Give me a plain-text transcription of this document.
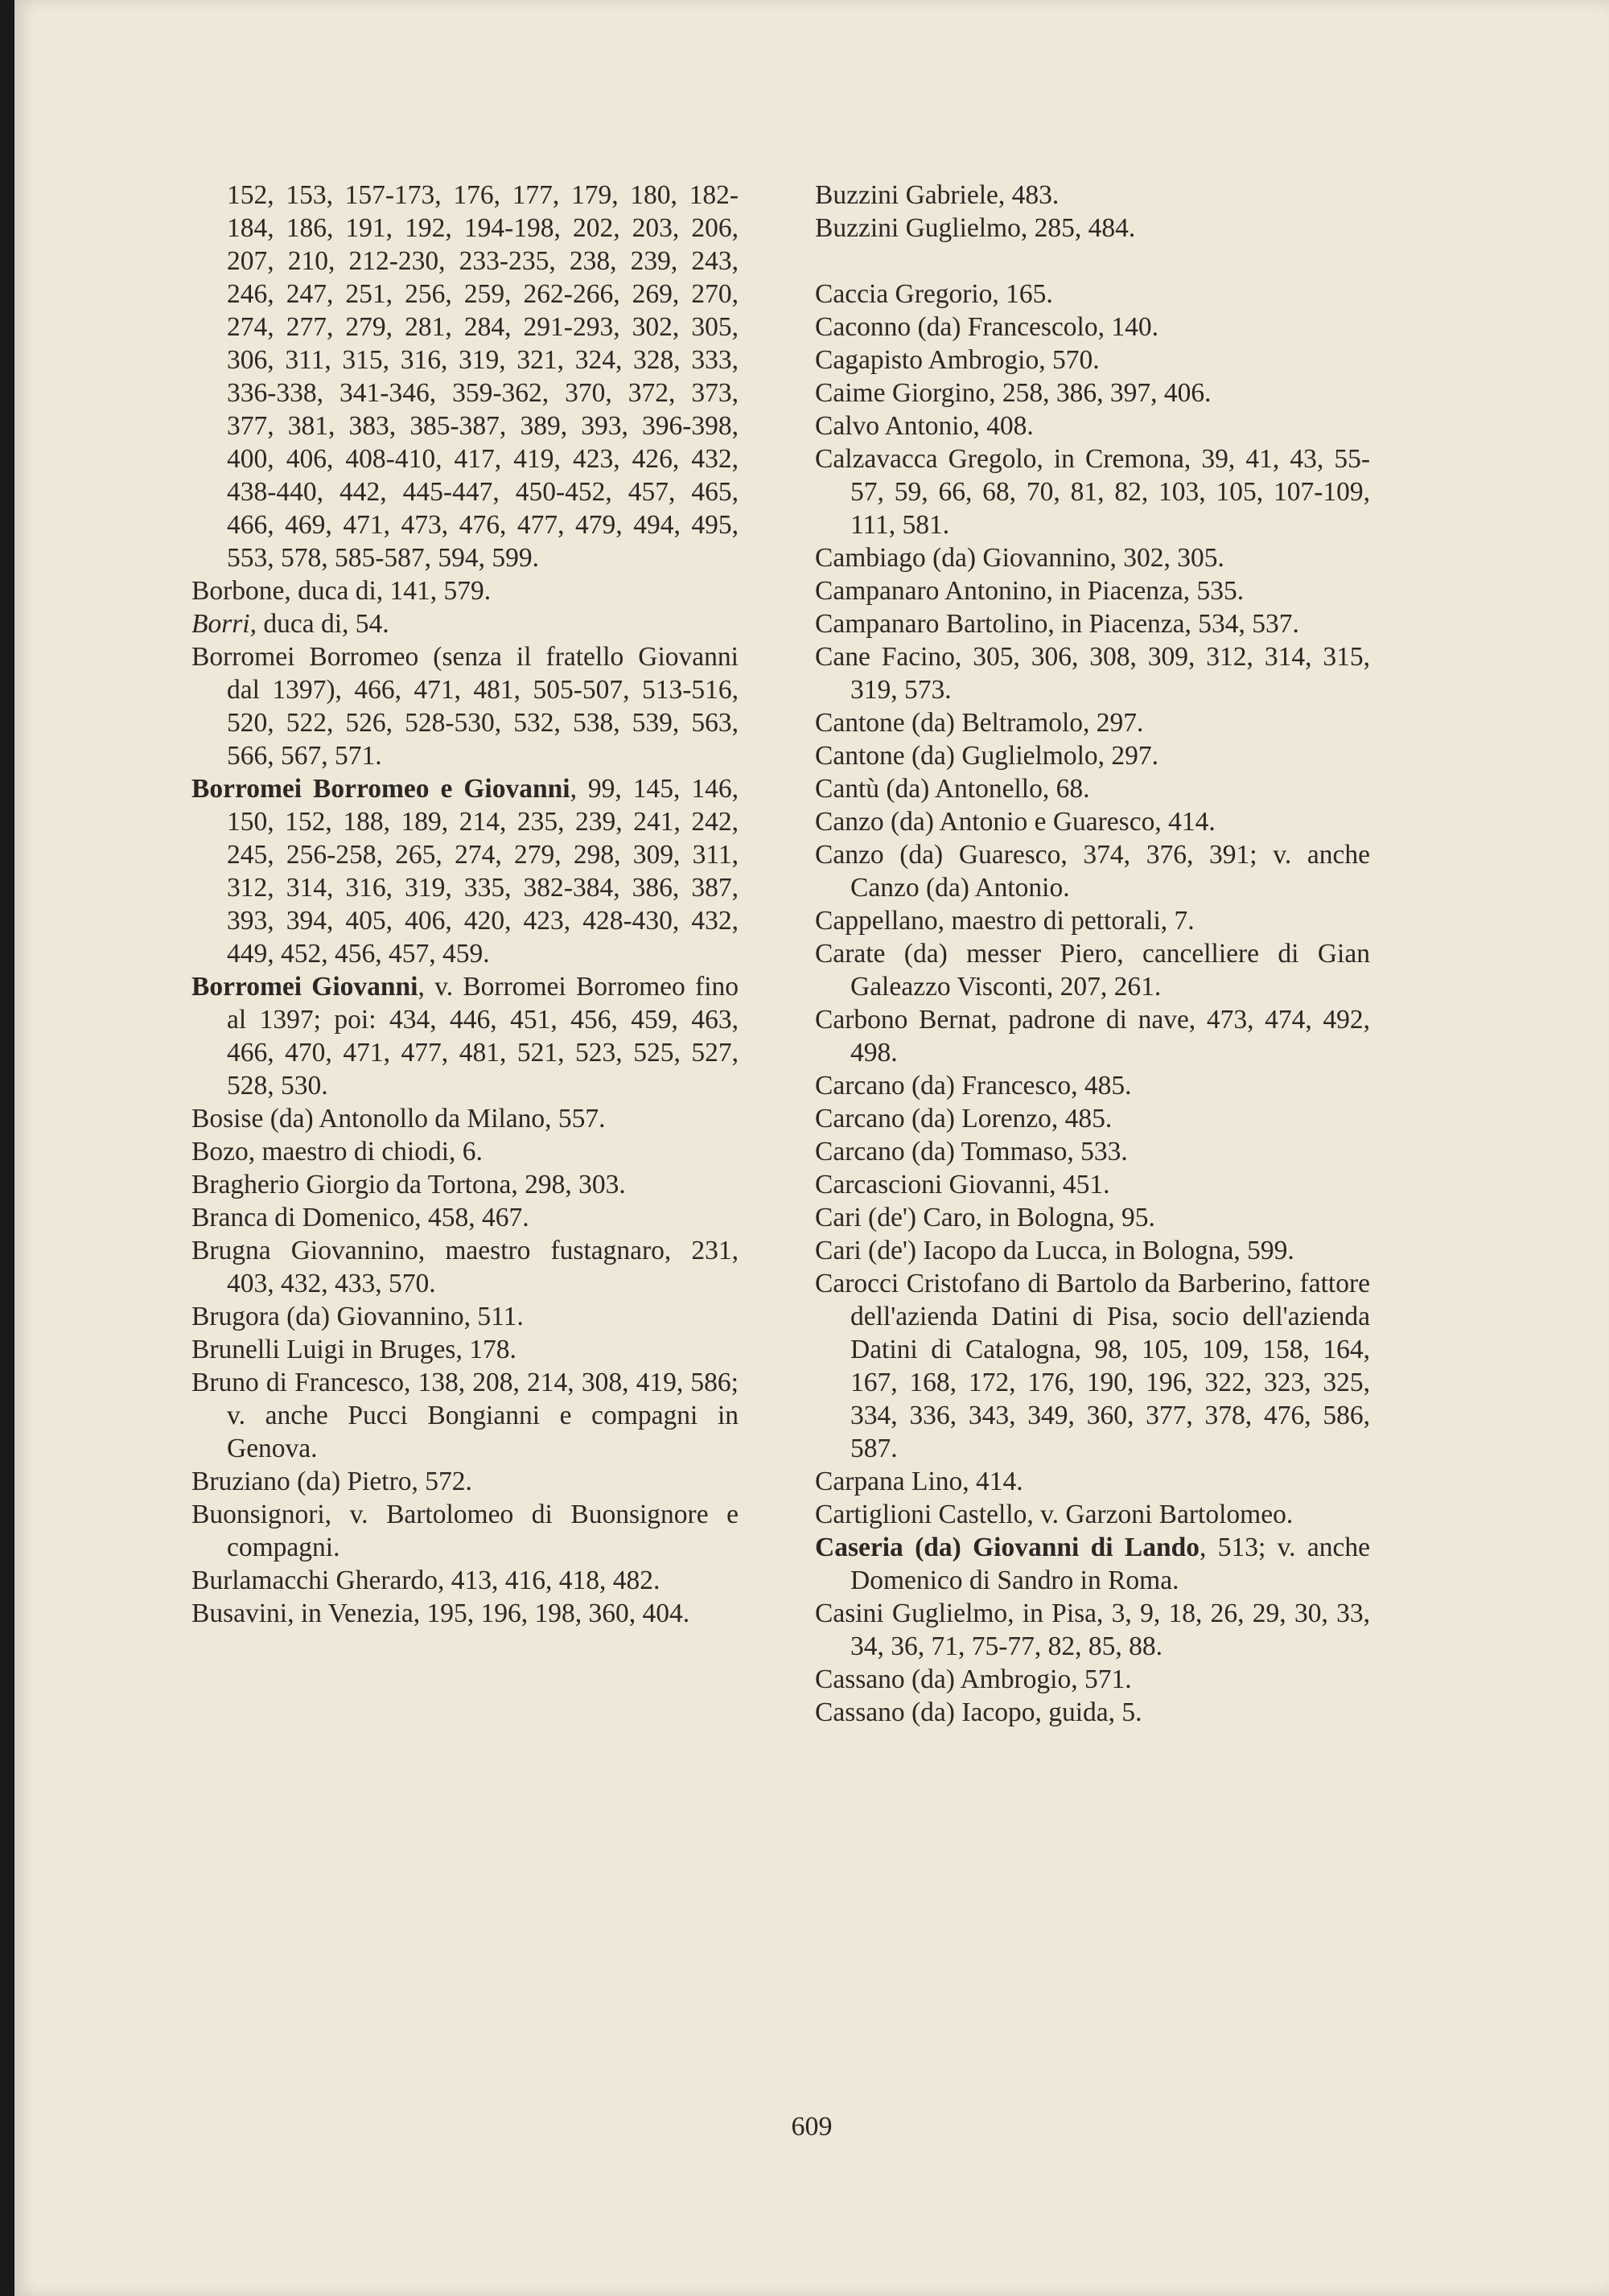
152, 153, 157-173, 176, 177, 179, 180, 182-184, 186, 191, 192, 194-198, 202, 203, 206, 207, 210, 212-230, 233-235, 238, 239, 243, 246, 247, 251, 256, 259, 262-266, 269, 270, 274, 277, 279, 281, 284, 291-293, 302, 305, 306, 311, 315, 316, 319, 321, 324, 328, 333, 336-338, 341-346, 359-362, 370, 372, 373, 377, 381, 383, 385-387, 389, 393, 396-398, 400, 406, 408-410, 417, 419, 423, 426, 432, 438-440, 442, 445-447, 450-452, 457, 465, 466, 469, 471, 473, 476, 477, 479, 494, 495, 553, 578, 585-587, 594, 599.

Borbone, duca di, 141, 579.

Borri, duca di, 54.

Borromei Borromeo (senza il fratello Giovanni dal 1397), 466, 471, 481, 505-507, 513-516, 520, 522, 526, 528-530, 532, 538, 539, 563, 566, 567, 571.

Borromei Borromeo e Giovanni, 99, 145, 146, 150, 152, 188, 189, 214, 235, 239, 241, 242, 245, 256-258, 265, 274, 279, 298, 309, 311, 312, 314, 316, 319, 335, 382-384, 386, 387, 393, 394, 405, 406, 420, 423, 428-430, 432, 449, 452, 456, 457, 459.

Borromei Giovanni, v. Borromei Borromeo fino al 1397; poi: 434, 446, 451, 456, 459, 463, 466, 470, 471, 477, 481, 521, 523, 525, 527, 528, 530.

Bosise (da) Antonollo da Milano, 557.

Bozo, maestro di chiodi, 6.

Bragherio Giorgio da Tortona, 298, 303.

Branca di Domenico, 458, 467.

Brugna Giovannino, maestro fustagnaro, 231, 403, 432, 433, 570.

Brugora (da) Giovannino, 511.

Brunelli Luigi in Bruges, 178.

Bruno di Francesco, 138, 208, 214, 308, 419, 586; v. anche Pucci Bongianni e compagni in Genova.

Bruziano (da) Pietro, 572.

Buonsignori, v. Bartolomeo di Buonsignore e compagni.

Burlamacchi Gherardo, 413, 416, 418, 482.

Busavini, in Venezia, 195, 196, 198, 360, 404.

Buzzini Gabriele, 483.

Buzzini Guglielmo, 285, 484.

Caccia Gregorio, 165.

Caconno (da) Francescolo, 140.

Cagapisto Ambrogio, 570.

Caime Giorgino, 258, 386, 397, 406.

Calvo Antonio, 408.

Calzavacca Gregolo, in Cremona, 39, 41, 43, 55-57, 59, 66, 68, 70, 81, 82, 103, 105, 107-109, 111, 581.

Cambiago (da) Giovannino, 302, 305.

Campanaro Antonino, in Piacenza, 535.

Campanaro Bartolino, in Piacenza, 534, 537.

Cane Facino, 305, 306, 308, 309, 312, 314, 315, 319, 573.

Cantone (da) Beltramolo, 297.

Cantone (da) Guglielmolo, 297.

Cantù (da) Antonello, 68.

Canzo (da) Antonio e Guaresco, 414.

Canzo (da) Guaresco, 374, 376, 391; v. anche Canzo (da) Antonio.

Cappellano, maestro di pettorali, 7.

Carate (da) messer Piero, cancelliere di Gian Galeazzo Visconti, 207, 261.

Carbono Bernat, padrone di nave, 473, 474, 492, 498.

Carcano (da) Francesco, 485.

Carcano (da) Lorenzo, 485.

Carcano (da) Tommaso, 533.

Carcascioni Giovanni, 451.

Cari (de') Caro, in Bologna, 95.

Cari (de') Iacopo da Lucca, in Bologna, 599.

Carocci Cristofano di Bartolo da Barberino, fattore dell'azienda Datini di Pisa, socio dell'azienda Datini di Catalogna, 98, 105, 109, 158, 164, 167, 168, 172, 176, 190, 196, 322, 323, 325, 334, 336, 343, 349, 360, 377, 378, 476, 586, 587.

Carpana Lino, 414.

Cartiglioni Castello, v. Garzoni Bartolomeo.

Caseria (da) Giovanni di Lando, 513; v. anche Domenico di Sandro in Roma.

Casini Guglielmo, in Pisa, 3, 9, 18, 26, 29, 30, 33, 34, 36, 71, 75-77, 82, 85, 88.

Cassano (da) Ambrogio, 571.

Cassano (da) Iacopo, guida, 5.

609
